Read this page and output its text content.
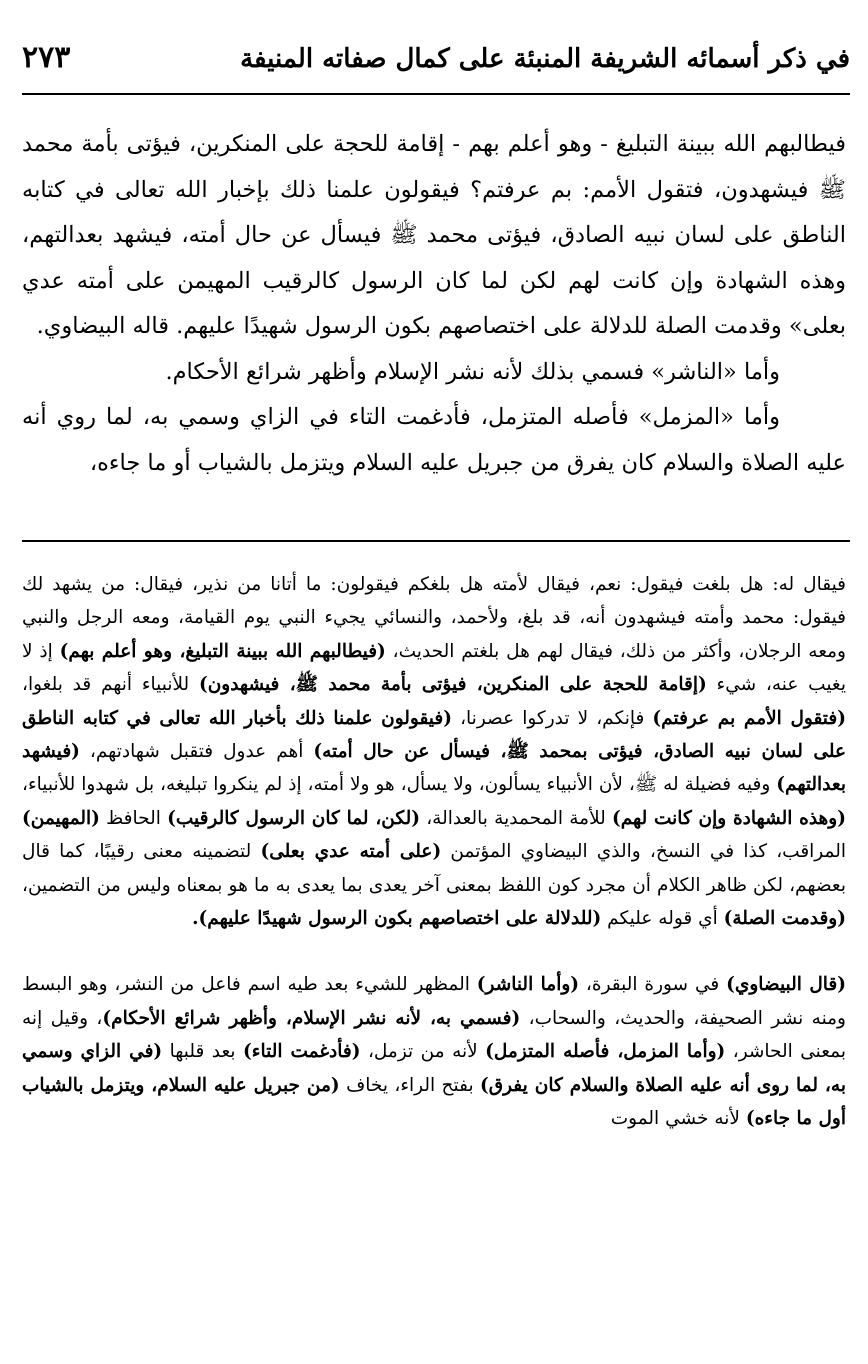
في ذكر أسمائه الشريفة المنبئة على كمال صفاته المنيفة
٢٧٣

فيطالبهم الله ببينة التبليغ - وهو أعلم بهم - إقامة للحجة على المنكرين، فيؤتى بأمة محمد ﷺ فيشهدون، فتقول الأمم: بم عرفتم؟ فيقولون علمنا ذلك بإخبار الله تعالى في كتابه الناطق على لسان نبيه الصادق، فيؤتى محمد ﷺ فيسأل عن حال أمته، فيشهد بعدالتهم، وهذه الشهادة وإن كانت لهم لكن لما كان الرسول كالرقيب المهيمن على أمته عدي بعلى» وقدمت الصلة للدلالة على اختصاصهم بكون الرسول شهيدًا عليهم. قاله البيضاوي.

وأما «الناشر» فسمي بذلك لأنه نشر الإسلام وأظهر شرائع الأحكام.

وأما «المزمل» فأصله المتزمل، فأدغمت التاء في الزاي وسمي به، لما روي أنه عليه الصلاة والسلام كان يفرق من جبريل عليه السلام ويتزمل بالشياب أو ما جاءه،

فيقال له: هل بلغت فيقول: نعم، فيقال لأمته هل بلغكم فيقولون: ما أتانا من نذير، فيقال: من يشهد لك فيقول: محمد وأمته فيشهدون أنه، قد بلغ، ولأحمد، والنسائي يجيء النبي يوم القيامة، ومعه الرجل والنبي ومعه الرجلان، وأكثر من ذلك، فيقال لهم هل بلغتم الحديث، (فيطالبهم الله ببينة التبليغ، وهو أعلم بهم) إذ لا يغيب عنه، شيء (إقامة للحجة على المنكرين، فيؤتى بأمة محمد ﷺ، فيشهدون) للأنبياء أنهم قد بلغوا، (فتقول الأمم بم عرفتم) فإنكم، لا تدركوا عصرنا، (فيقولون علمنا ذلك بأخبار الله تعالى في كتابه الناطق على لسان نبيه الصادق، فيؤتى بمحمد ﷺ، فيسأل عن حال أمته) أهم عدول فتقبل شهادتهم، (فيشهد بعدالتهم) وفيه فضيلة له ﷺ، لأن الأنبياء يسألون، ولا يسأل، هو ولا أمته، إذ لم ينكروا تبليغه، بل شهدوا للأنبياء، (وهذه الشهادة وإن كانت لهم) للأمة المحمدية بالعدالة، (لكن، لما كان الرسول كالرقيب) الحافظ (المهيمن) المراقب، كذا في النسخ، والذي البيضاوي المؤتمن (على أمته عدي بعلى) لتضمينه معنى رقيبًا، كما قال بعضهم، لكن ظاهر الكلام أن مجرد كون اللفظ بمعنى آخر يعدى بما يعدى به ما هو بمعناه وليس من التضمين، (وقدمت الصلة) أي قوله عليكم (للدلالة على اختصاصهم بكون الرسول شهيدًا عليهم).

(قال البيضاوي) في سورة البقرة، (وأما الناشر) المظهر للشيء بعد طيه اسم فاعل من النشر، وهو البسط ومنه نشر الصحيفة، والحديث، والسحاب، (فسمي به، لأنه نشر الإسلام، وأظهر شرائع الأحكام)، وقيل إنه بمعنى الحاشر، (وأما المزمل، فأصله المتزمل) لأنه من تزمل، (فأدغمت التاء) بعد قلبها (في الزاي وسمي به، لما روى أنه عليه الصلاة والسلام كان يفرق) بفتح الراء، يخاف (من جبريل عليه السلام، ويتزمل بالشياب أول ما جاءه) لأنه خشي الموت
